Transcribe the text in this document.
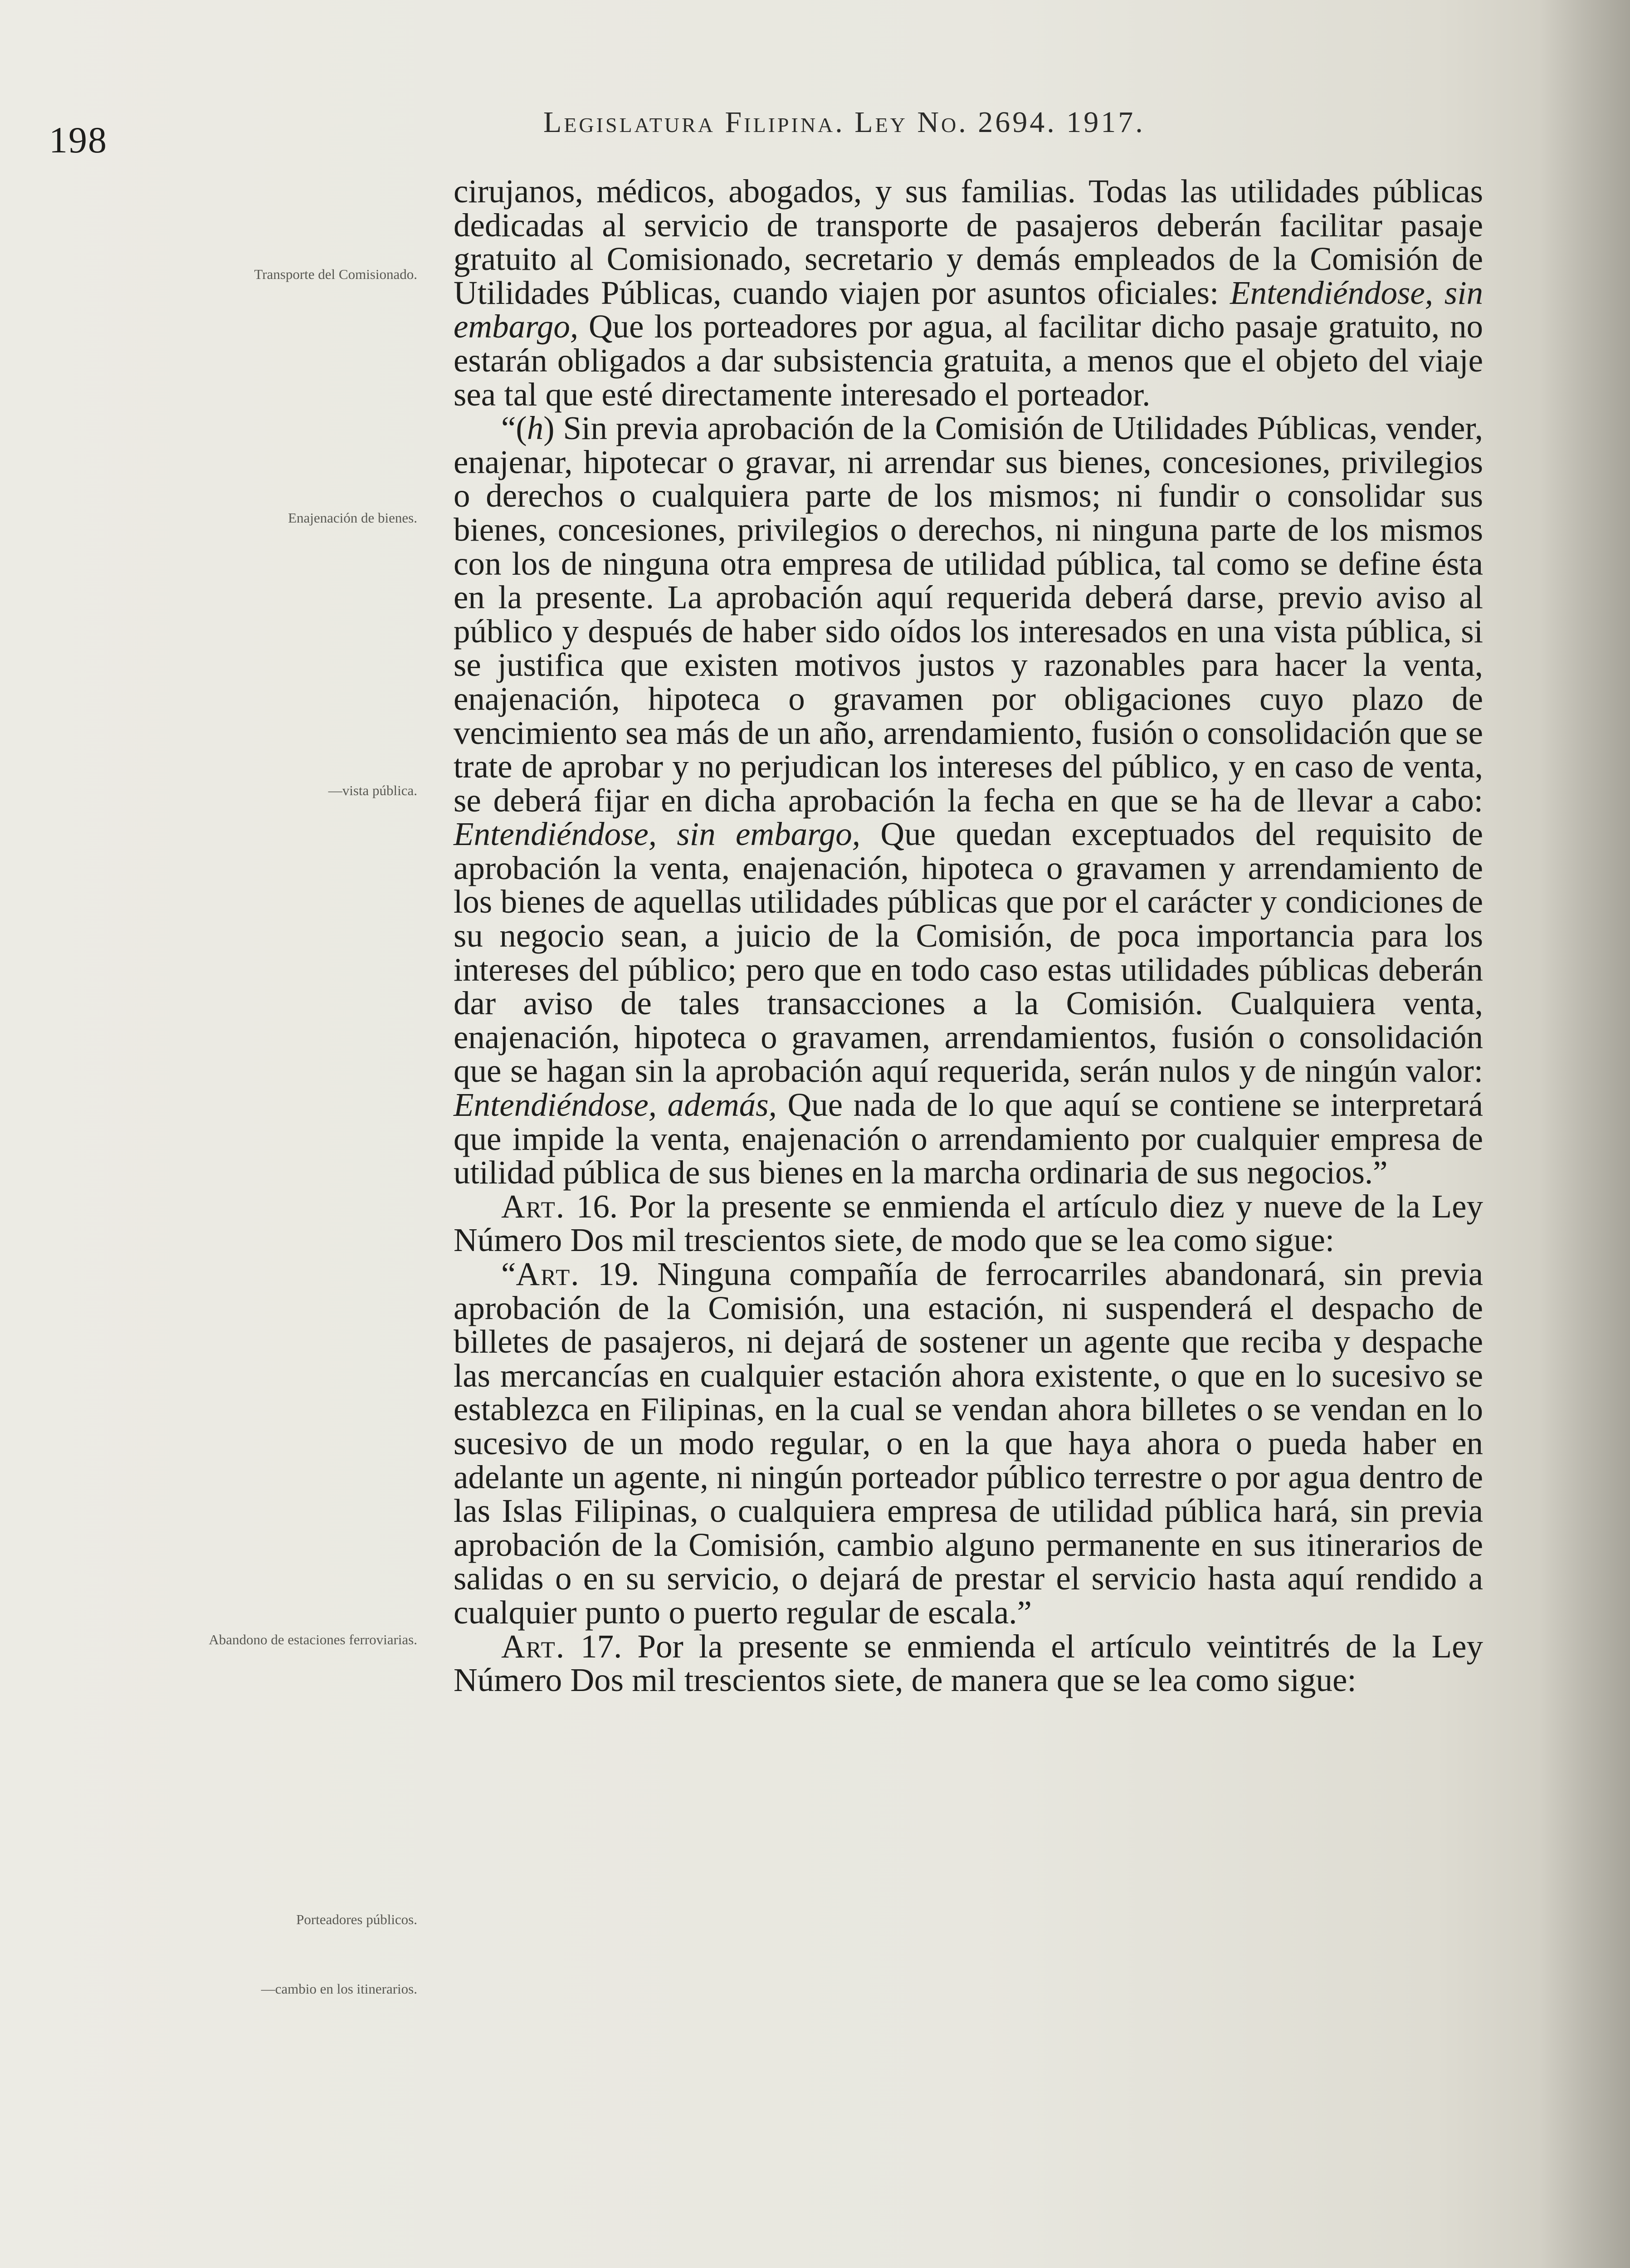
198	Legislatura Filipina. Ley No. 2694. 1917.
Transporte del Comisionado.
Enajenación de bienes.
—vista pública.
Abandono de estaciones ferroviarias.
Porteadores públicos.
—cambio en los itinerarios.

cirujanos, médicos, abogados, y sus familias. Todas las utilidades públicas dedicadas al servicio de transporte de pasajeros deberán facilitar pasaje gratuito al Comisionado, secretario y demás empleados de la Comisión de Utilidades Públicas, cuando viajen por asuntos oficiales: Entendiéndose, sin embargo, Que los porteadores por agua, al facilitar dicho pasaje gratuito, no estarán obligados a dar subsistencia gratuita, a menos que el objeto del viaje sea tal que esté directamente interesado el porteador.

“(h) Sin previa aprobación de la Comisión de Utilidades Públicas, vender, enajenar, hipotecar o gravar, ni arrendar sus bienes, concesiones, privilegios o derechos o cualquiera parte de los mismos; ni fundir o consolidar sus bienes, concesiones, privilegios o derechos, ni ninguna parte de los mismos con los de ninguna otra empresa de utilidad pública, tal como se define ésta en la presente. La aprobación aquí requerida deberá darse, previo aviso al público y después de haber sido oídos los interesados en una vista pública, si se justifica que existen motivos justos y razonables para hacer la venta, enajenación, hipoteca o gravamen por obligaciones cuyo plazo de vencimiento sea más de un año, arrendamiento, fusión o consolidación que se trate de aprobar y no perjudican los intereses del público, y en caso de venta, se deberá fijar en dicha aprobación la fecha en que se ha de llevar a cabo: Entendiéndose, sin embargo, Que quedan exceptuados del requisito de aprobación la venta, enajenación, hipoteca o gravamen y arrendamiento de los bienes de aquellas utilidades públicas que por el carácter y condiciones de su negocio sean, a juicio de la Comisión, de poca importancia para los intereses del público; pero que en todo caso estas utilidades públicas deberán dar aviso de tales transacciones a la Comisión. Cualquiera venta, enajenación, hipoteca o gravamen, arrendamientos, fusión o consolidación que se hagan sin la aprobación aquí requerida, serán nulos y de ningún valor: Entendiéndose, además, Que nada de lo que aquí se contiene se interpretará que impide la venta, enajenación o arrendamiento por cualquier empresa de utilidad pública de sus bienes en la marcha ordinaria de sus negocios.”

Art. 16. Por la presente se enmienda el artículo diez y nueve de la Ley Número Dos mil trescientos siete, de modo que se lea como sigue:

“Art. 19. Ninguna compañía de ferrocarriles abandonará, sin previa aprobación de la Comisión, una estación, ni suspenderá el despacho de billetes de pasajeros, ni dejará de sostener un agente que reciba y despache las mercancías en cualquier estación ahora existente, o que en lo sucesivo se establezca en Filipinas, en la cual se vendan ahora billetes o se vendan en lo sucesivo de un modo regular, o en la que haya ahora o pueda haber en adelante un agente, ni ningún porteador público terrestre o por agua dentro de las Islas Filipinas, o cualquiera empresa de utilidad pública hará, sin previa aprobación de la Comisión, cambio alguno permanente en sus itinerarios de salidas o en su servicio, o dejará de prestar el servicio hasta aquí rendido a cualquier punto o puerto regular de escala.”

Art. 17. Por la presente se enmienda el artículo veintitrés de la Ley Número Dos mil trescientos siete, de manera que se lea como sigue:
